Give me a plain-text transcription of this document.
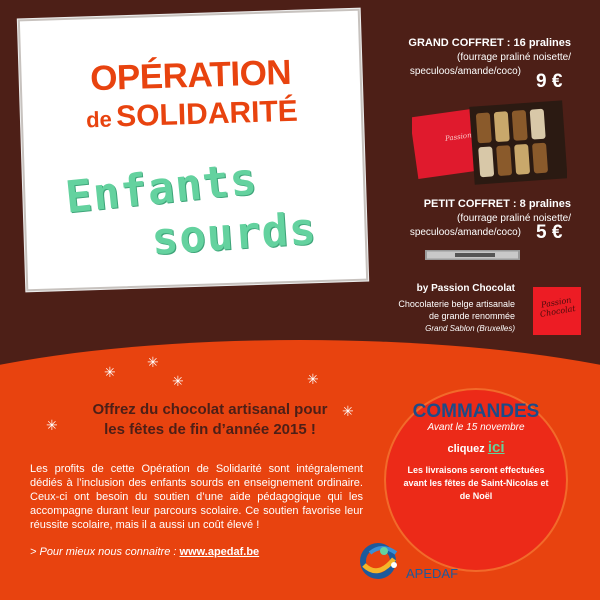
OPÉRATION
de SOLIDARITÉ
Enfants
sourds
GRAND COFFRET : 16 pralines
(fourrage praliné noisette/
speculoos/amande/coco) 9 €
Passion
PETIT COFFRET : 8 pralines
(fourrage praliné noisette/
speculoos/amande/coco) 5 €
by Passion Chocolat
Chocolaterie belge artisanale
de grande renommée
Grand Sablon (Bruxelles)
Passion Chocolat
✳
✳
✳	✳
✳
✳
Offrez du chocolat artisanal pour
les fêtes de fin d’année 2015 !
Les profits de cette Opération de Solidarité sont intégralement dédiés à l’inclusion des enfants sourds en enseignement ordinaire. Ceux-ci ont besoin du soutien d’une aide pédagogique qui les accompagne durant leur parcours scolaire. Ce soutien favorise leur réussite scolaire, mais il a aussi un coût élevé !
> Pour mieux nous connaitre : www.apedaf.be
COMMANDES
Avant le 15 novembre
cliquez ici
Les livraisons seront effectuées avant les fêtes de Saint-Nicolas et de Noël
APEDAF
